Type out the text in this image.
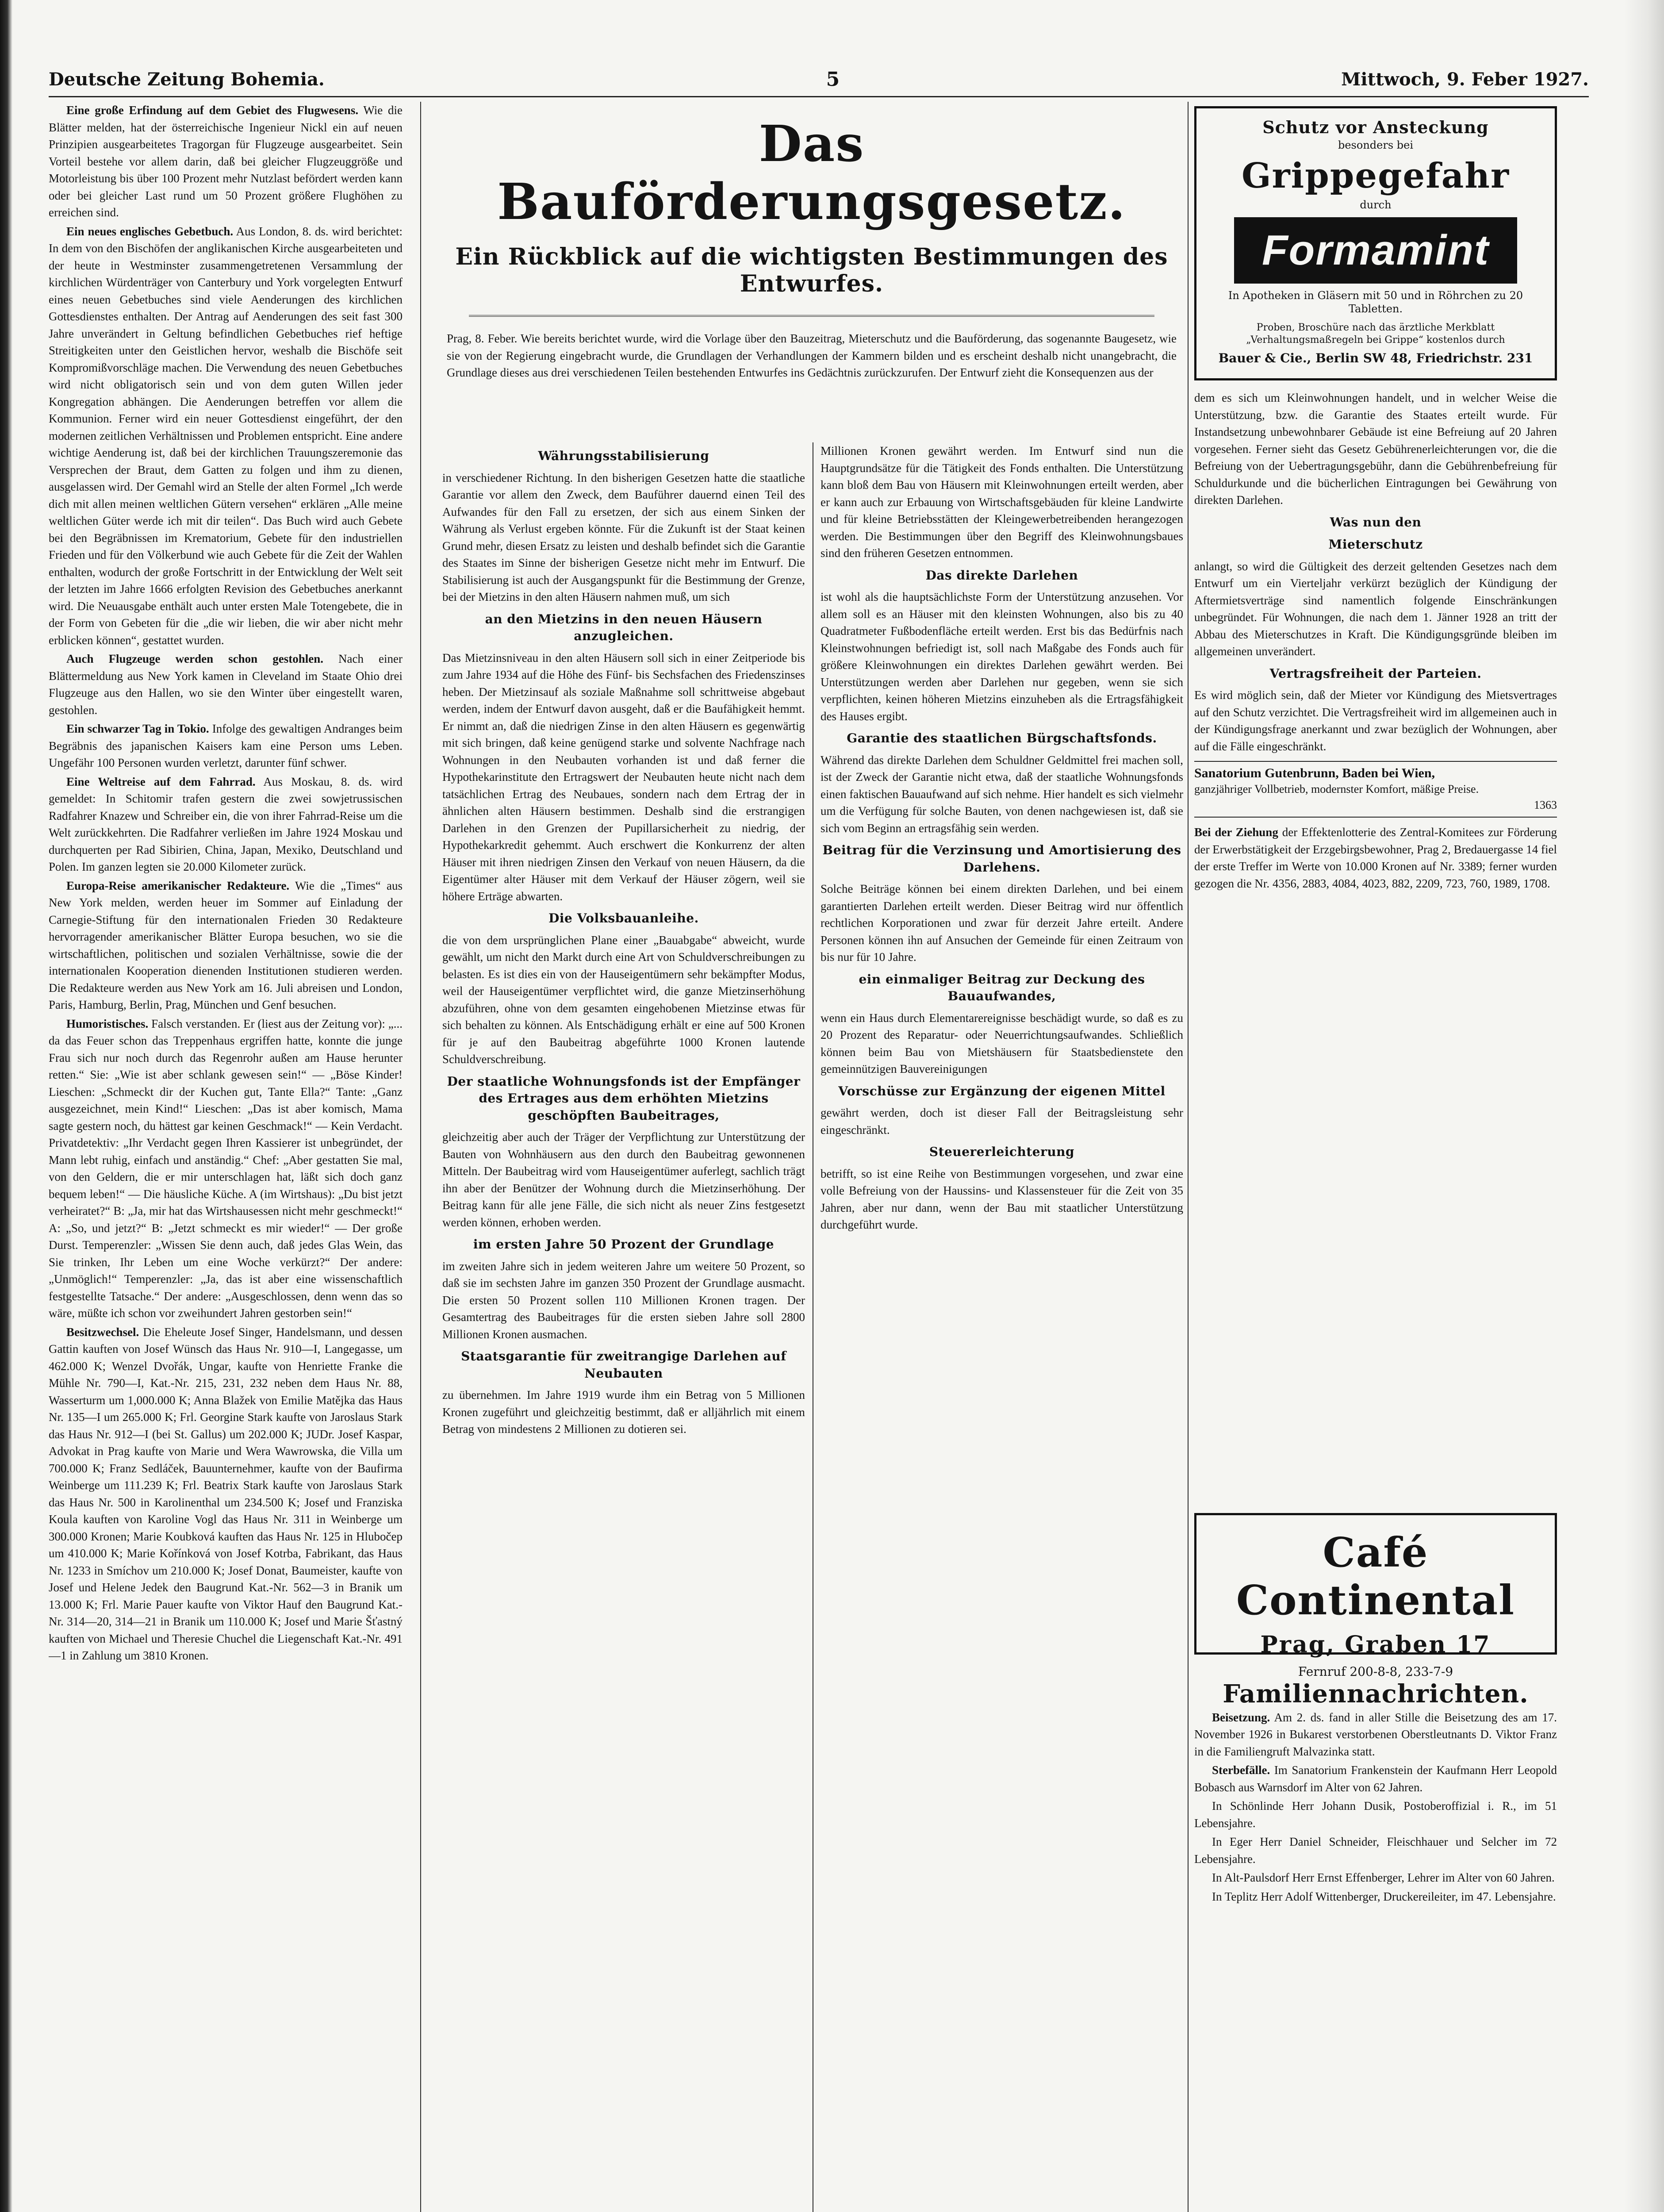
Deutsche Zeitung Bohemia.	5	Mittwoch, 9. Feber 1927.

Eine große Erfindung auf dem Gebiet des Flugwesens. Wie die Blätter melden, hat der österreichische Ingenieur Nickl ein auf neuen Prinzipien ausgearbeitetes Tragorgan für Flugzeuge ausgearbeitet. Sein Vorteil bestehe vor allem darin, daß bei gleicher Flugzeuggröße und Motorleistung bis über 100 Prozent mehr Nutzlast befördert werden kann oder bei gleicher Last rund um 50 Prozent größere Flughöhen zu erreichen sind.

Ein neues englisches Gebetbuch. Aus London, 8. ds. wird berichtet: In dem von den Bischöfen der anglikanischen Kirche ausgearbeiteten und der heute in Westminster zusammengetretenen Versammlung der kirchlichen Würdenträger von Canterbury und York vorgelegten Entwurf eines neuen Gebetbuches sind viele Aenderungen des kirchlichen Gottesdienstes enthalten. Der Antrag auf Aenderungen des seit fast 300 Jahre unverändert in Geltung befindlichen Gebetbuches rief heftige Streitigkeiten unter den Geistlichen hervor, weshalb die Bischöfe seit Kompromißvorschläge machen. Die Verwendung des neuen Gebetbuches wird nicht obligatorisch sein und von dem guten Willen jeder Kongregation abhängen. Die Aenderungen betreffen vor allem die Kommunion. Ferner wird ein neuer Gottesdienst eingeführt, der den modernen zeitlichen Verhältnissen und Problemen entspricht. Eine andere wichtige Aenderung ist, daß bei der kirchlichen Trauungszeremonie das Versprechen der Braut, dem Gatten zu folgen und ihm zu dienen, ausgelassen wird. Der Gemahl wird an Stelle der alten Formel „Ich werde dich mit allen meinen weltlichen Gütern versehen“ erklären „Alle meine weltlichen Güter werde ich mit dir teilen“. Das Buch wird auch Gebete bei den Begräbnissen im Krematorium, Gebete für den industriellen Frieden und für den Völkerbund wie auch Gebete für die Zeit der Wahlen enthalten, wodurch der große Fortschritt in der Entwicklung der Welt seit der letzten im Jahre 1666 erfolgten Revision des Gebetbuches anerkannt wird. Die Neuausgabe enthält auch unter ersten Male Totengebete, die in der Form von Gebeten für die „die wir lieben, die wir aber nicht mehr erblicken können“, gestattet wurden.

Auch Flugzeuge werden schon gestohlen. Nach einer Blättermeldung aus New York kamen in Cleveland im Staate Ohio drei Flugzeuge aus den Hallen, wo sie den Winter über eingestellt waren, gestohlen.

Ein schwarzer Tag in Tokio. Infolge des gewaltigen Andranges beim Begräbnis des japanischen Kaisers kam eine Person ums Leben. Ungefähr 100 Personen wurden verletzt, darunter fünf schwer.

Eine Weltreise auf dem Fahrrad. Aus Moskau, 8. ds. wird gemeldet: In Schitomir trafen gestern die zwei sowjetrussischen Radfahrer Knazew und Schreiber ein, die von ihrer Fahrrad-Reise um die Welt zurückkehrten. Die Radfahrer verließen im Jahre 1924 Moskau und durchquerten per Rad Sibirien, China, Japan, Mexiko, Deutschland und Polen. Im ganzen legten sie 20.000 Kilometer zurück.

Europa-Reise amerikanischer Redakteure. Wie die „Times“ aus New York melden, werden heuer im Sommer auf Einladung der Carnegie-Stiftung für den internationalen Frieden 30 Redakteure hervorragender amerikanischer Blätter Europa besuchen, wo sie die wirtschaftlichen, politischen und sozialen Verhältnisse, sowie die der internationalen Kooperation dienenden Institutionen studieren werden. Die Redakteure werden aus New York am 16. Juli abreisen und London, Paris, Hamburg, Berlin, Prag, München und Genf besuchen.

Humoristisches. Falsch verstanden. Er (liest aus der Zeitung vor): „... da das Feuer schon das Treppenhaus ergriffen hatte, konnte die junge Frau sich nur noch durch das Regenrohr außen am Hause herunter retten.“ Sie: „Wie ist aber schlank gewesen sein!“ — „Böse Kinder! Lieschen: „Schmeckt dir der Kuchen gut, Tante Ella?“ Tante: „Ganz ausgezeichnet, mein Kind!“ Lieschen: „Das ist aber komisch, Mama sagte gestern noch, du hättest gar keinen Geschmack!“ — Kein Verdacht. Privatdetektiv: „Ihr Verdacht gegen Ihren Kassierer ist unbegründet, der Mann lebt ruhig, einfach und anständig.“ Chef: „Aber gestatten Sie mal, von den Geldern, die er mir unterschlagen hat, läßt sich doch ganz bequem leben!“ — Die häusliche Küche. A (im Wirtshaus): „Du bist jetzt verheiratet?“ B: „Ja, mir hat das Wirtshausessen nicht mehr geschmeckt!“ A: „So, und jetzt?“ B: „Jetzt schmeckt es mir wieder!“ — Der große Durst. Temperenzler: „Wissen Sie denn auch, daß jedes Glas Wein, das Sie trinken, Ihr Leben um eine Woche verkürzt?“ Der andere: „Unmöglich!“ Temperenzler: „Ja, das ist aber eine wissenschaftlich festgestellte Tatsache.“ Der andere: „Ausgeschlossen, denn wenn das so wäre, müßte ich schon vor zweihundert Jahren gestorben sein!“

Besitzwechsel. Die Eheleute Josef Singer, Handelsmann, und dessen Gattin kauften von Josef Wünsch das Haus Nr. 910—I, Langegasse, um 462.000 K; Wenzel Dvořák, Ungar, kaufte von Henriette Franke die Mühle Nr. 790—I, Kat.-Nr. 215, 231, 232 neben dem Haus Nr. 88, Wasserturm um 1,000.000 K; Anna Blažek von Emilie Matějka das Haus Nr. 135—I um 265.000 K; Frl. Georgine Stark kaufte von Jaroslaus Stark das Haus Nr. 912—I (bei St. Gallus) um 202.000 K; JUDr. Josef Kaspar, Advokat in Prag kaufte von Marie und Wera Wawrowska, die Villa um 700.000 K; Franz Sedláček, Bauunternehmer, kaufte von der Baufirma Weinberge um 111.239 K; Frl. Beatrix Stark kaufte von Jaroslaus Stark das Haus Nr. 500 in Karolinenthal um 234.500 K; Josef und Franziska Koula kauften von Karoline Vogl das Haus Nr. 311 in Weinberge um 300.000 Kronen; Marie Koubková kauften das Haus Nr. 125 in Hlubočep um 410.000 K; Marie Kořínková von Josef Kotrba, Fabrikant, das Haus Nr. 1233 in Smíchov um 210.000 K; Josef Donat, Baumeister, kaufte von Josef und Helene Jedek den Baugrund Kat.-Nr. 562—3 in Branik um 13.000 K; Frl. Marie Pauer kaufte von Viktor Hauf den Baugrund Kat.-Nr. 314—20, 314—21 in Branik um 110.000 K; Josef und Marie Šťastný kauften von Michael und Theresie Chuchel die Liegenschaft Kat.-Nr. 491—1 in Zahlung um 3810 Kronen.

Das Bauförderungsgesetz.
Ein Rückblick auf die wichtigsten Bestimmungen des Entwurfes.

Prag, 8. Feber. Wie bereits berichtet wurde, wird die Vorlage über den Bauzeitrag, Mieterschutz und die Bauförderung, das sogenannte Baugesetz, wie sie von der Regierung eingebracht wurde, die Grundlagen der Verhandlungen der Kammern bilden und es erscheint deshalb nicht unangebracht, die Grundlage dieses aus drei verschiedenen Teilen bestehenden Entwurfes ins Gedächtnis zurückzurufen. Der Entwurf zieht die Konsequenzen aus der

Währungsstabilisierung

in verschiedener Richtung. In den bisherigen Gesetzen hatte die staatliche Garantie vor allem den Zweck, dem Bauführer dauernd einen Teil des Aufwandes für den Fall zu ersetzen, der sich aus einem Sinken der Währung als Verlust ergeben könnte. Für die Zukunft ist der Staat keinen Grund mehr, diesen Ersatz zu leisten und deshalb befindet sich die Garantie des Staates im Sinne der bisherigen Gesetze nicht mehr im Entwurf. Die Stabilisierung ist auch der Ausgangspunkt für die Bestimmung der Grenze, bei der Mietzins in den alten Häusern nahmen muß, um sich

an den Mietzins in den neuen Häusern anzugleichen.

Das Mietzinsniveau in den alten Häusern soll sich in einer Zeitperiode bis zum Jahre 1934 auf die Höhe des Fünf- bis Sechsfachen des Friedenszinses heben. Der Mietzinsauf als soziale Maßnahme soll schrittweise abgebaut werden, indem der Entwurf davon ausgeht, daß er die Baufähigkeit hemmt. Er nimmt an, daß die niedrigen Zinse in den alten Häusern es gegenwärtig mit sich bringen, daß keine genügend starke und solvente Nachfrage nach Wohnungen in den Neubauten vorhanden ist und daß ferner die Hypothekarinstitute den Ertragswert der Neubauten heute nicht nach dem tatsächlichen Ertrag des Neubaues, sondern nach dem Ertrag der in ähnlichen alten Häusern bestimmen. Deshalb sind die erstrangigen Darlehen in den Grenzen der Pupillarsicherheit zu niedrig, der Hypothekarkredit gehemmt. Auch erschwert die Konkurrenz der alten Häuser mit ihren niedrigen Zinsen den Verkauf von neuen Häusern, da die Eigentümer alter Häuser mit dem Verkauf der Häuser zögern, weil sie höhere Erträge abwarten.

Die Volksbauanleihe.

die von dem ursprünglichen Plane einer „Bauabgabe“ abweicht, wurde gewählt, um nicht den Markt durch eine Art von Schuldverschreibungen zu belasten. Es ist dies ein von der Hauseigentümern sehr bekämpfter Modus, weil der Hauseigentümer verpflichtet wird, die ganze Mietzinserhöhung abzuführen, ohne von dem gesamten eingehobenen Mietzinse etwas für sich behalten zu können. Als Entschädigung erhält er eine auf 500 Kronen für je auf den Baubeitrag abgeführte 1000 Kronen lautende Schuldverschreibung.

Der staatliche Wohnungsfonds ist der Empfänger des Ertrages aus dem erhöhten Mietzins geschöpften Baubeitrages,

gleichzeitig aber auch der Träger der Verpflichtung zur Unterstützung der Bauten von Wohnhäusern aus den durch den Baubeitrag gewonnenen Mitteln. Der Baubeitrag wird vom Hauseigentümer auferlegt, sachlich trägt ihn aber der Benützer der Wohnung durch die Mietzinserhöhung. Der Beitrag kann für alle jene Fälle, die sich nicht als neuer Zins festgesetzt werden können, erhoben werden.

im ersten Jahre 50 Prozent der Grundlage

im zweiten Jahre sich in jedem weiteren Jahre um weitere 50 Prozent, so daß sie im sechsten Jahre im ganzen 350 Prozent der Grundlage ausmacht. Die ersten 50 Prozent sollen 110 Millionen Kronen tragen. Der Gesamtertrag des Baubeitrages für die ersten sieben Jahre soll 2800 Millionen Kronen ausmachen.

Staatsgarantie für zweitrangige Darlehen auf Neubauten

zu übernehmen. Im Jahre 1919 wurde ihm ein Betrag von 5 Millionen Kronen zugeführt und gleichzeitig bestimmt, daß er alljährlich mit einem Betrag von mindestens 2 Millionen zu dotieren sei.

Millionen Kronen gewährt werden. Im Entwurf sind nun die Hauptgrundsätze für die Tätigkeit des Fonds enthalten. Die Unterstützung kann bloß dem Bau von Häusern mit Kleinwohnungen erteilt werden, aber er kann auch zur Erbauung von Wirtschaftsgebäuden für kleine Landwirte und für kleine Betriebsstätten der Kleingewerbetreibenden herangezogen werden. Die Bestimmungen über den Begriff des Kleinwohnungsbaues sind den früheren Gesetzen entnommen.

Das direkte Darlehen

ist wohl als die hauptsächlichste Form der Unterstützung anzusehen. Vor allem soll es an Häuser mit den kleinsten Wohnungen, also bis zu 40 Quadratmeter Fußbodenfläche erteilt werden. Erst bis das Bedürfnis nach Kleinstwohnungen befriedigt ist, soll nach Maßgabe des Fonds auch für größere Kleinwohnungen ein direktes Darlehen gewährt werden. Bei Unterstützungen werden aber Darlehen nur gegeben, wenn sie sich verpflichten, keinen höheren Mietzins einzuheben als die Ertragsfähigkeit des Hauses ergibt.

Garantie des staatlichen Bürgschaftsfonds.

Während das direkte Darlehen dem Schuldner Geldmittel frei machen soll, ist der Zweck der Garantie nicht etwa, daß der staatliche Wohnungsfonds einen faktischen Bauaufwand auf sich nehme. Hier handelt es sich vielmehr um die Verfügung für solche Bauten, von denen nachgewiesen ist, daß sie sich vom Beginn an ertragsfähig sein werden.

Beitrag für die Verzinsung und Amortisierung des Darlehens.

Solche Beiträge können bei einem direkten Darlehen, und bei einem garantierten Darlehen erteilt werden. Dieser Beitrag wird nur öffentlich rechtlichen Korporationen und zwar für derzeit Jahre erteilt. Andere Personen können ihn auf Ansuchen der Gemeinde für einen Zeitraum von bis nur für 10 Jahre.

ein einmaliger Beitrag zur Deckung des Bauaufwandes,

wenn ein Haus durch Elementarereignisse beschädigt wurde, so daß es zu 20 Prozent des Reparatur- oder Neuerrichtungsaufwandes. Schließlich können beim Bau von Mietshäusern für Staatsbedienstete den gemeinnützigen Bauvereinigungen

Vorschüsse zur Ergänzung der eigenen Mittel

gewährt werden, doch ist dieser Fall der Beitragsleistung sehr eingeschränkt.

Steuererleichterung

betrifft, so ist eine Reihe von Bestimmungen vorgesehen, und zwar eine volle Befreiung von der Haussins- und Klassensteuer für die Zeit von 35 Jahren, aber nur dann, wenn der Bau mit staatlicher Unterstützung durchgeführt wurde.

Schutz vor Ansteckung
besonders bei
Grippegefahr
durch
Formamint
In Apotheken in Gläsern mit 50 und in Röhrchen zu 20 Tabletten.
Proben, Broschüre nach das ärztliche Merkblatt „Verhaltungsmaßregeln bei Grippe“ kostenlos durch
Bauer & Cie., Berlin SW 48, Friedrichstr. 231

dem es sich um Kleinwohnungen handelt, und in welcher Weise die Unterstützung, bzw. die Garantie des Staates erteilt wurde. Für Instandsetzung unbewohnbarer Gebäude ist eine Befreiung auf 20 Jahren vorgesehen. Ferner sieht das Gesetz Gebührenerleichterungen vor, die die Befreiung von der Uebertragungsgebühr, dann die Gebührenbefreiung für Schuldurkunde und die bücherlichen Eintragungen bei Gewährung von direkten Darlehen.

Was nun den
Mieterschutz

anlangt, so wird die Gültigkeit des derzeit geltenden Gesetzes nach dem Entwurf um ein Vierteljahr verkürzt bezüglich der Kündigung der Aftermietsverträge sind namentlich folgende Einschränkungen unbegründet. Für Wohnungen, die nach dem 1. Jänner 1928 an tritt der Abbau des Mieterschutzes in Kraft. Die Kündigungsgründe bleiben im allgemeinen unverändert.

Vertragsfreiheit der Parteien.

Es wird möglich sein, daß der Mieter vor Kündigung des Mietsvertrages auf den Schutz verzichtet. Die Vertragsfreiheit wird im allgemeinen auch in der Kündigungsfrage anerkannt und zwar bezüglich der Wohnungen, aber auf die Fälle eingeschränkt.

Sanatorium Gutenbrunn, Baden bei Wien,
ganzjähriger Vollbetrieb, modernster Komfort, mäßige Preise.
1363

Bei der Ziehung der Effektenlotterie des Zentral-Komitees zur Förderung der Erwerbstätigkeit der Erzgebirgsbewohner, Prag 2, Bredauergasse 14 fiel der erste Treffer im Werte von 10.000 Kronen auf Nr. 3389; ferner wurden gezogen die Nr. 4356, 2883, 4084, 4023, 882, 2209, 723, 760, 1989, 1708.

Café Continental
Prag, Graben 17
Fernruf 200-8-8, 233-7-9
Familiennachrichten.

Beisetzung. Am 2. ds. fand in aller Stille die Beisetzung des am 17. November 1926 in Bukarest verstorbenen Oberstleutnants D. Viktor Franz in die Familiengruft Malvazinka statt.

Sterbefälle. Im Sanatorium Frankenstein der Kaufmann Herr Leopold Bobasch aus Warnsdorf im Alter von 62 Jahren.

In Schönlinde Herr Johann Dusik, Postoberoffizial i. R., im 51 Lebensjahre.

In Eger Herr Daniel Schneider, Fleischhauer und Selcher im 72 Lebensjahre.

In Alt-Paulsdorf Herr Ernst Effenberger, Lehrer im Alter von 60 Jahren.

In Teplitz Herr Adolf Wittenberger, Druckereileiter, im 47. Lebensjahre.
